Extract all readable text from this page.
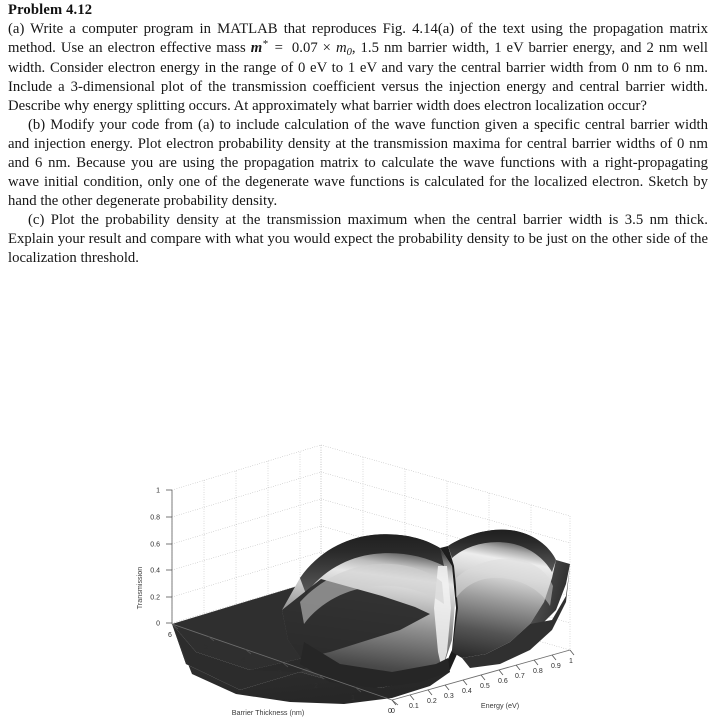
Problem 4.12

(a) Write a computer program in MATLAB that reproduces Fig. 4.14(a) of the text using the propagation matrix method. Use an electron effective mass $m^* = 0.07 \times m_0$, 1.5 nm barrier width, 1 eV barrier energy, and 2 nm well width. Consider electron energy in the range of 0 eV to 1 eV and vary the central barrier width from 0 nm to 6 nm. Include a 3-dimensional plot of the transmission coefficient versus the injection energy and central barrier width. Describe why energy splitting occurs. At approximately what barrier width does electron localization occur?

(b) Modify your code from (a) to include calculation of the wave function given a specific central barrier width and injection energy. Plot electron probability density at the transmission maxima for central barrier widths of 0 nm and 6 nm. Because you are using the propagation matrix to calculate the wave functions with a right-propagating wave initial condition, only one of the degenerate wave functions is calculated for the localized electron. Sketch by hand the other degenerate probability density.

(c) Plot the probability density at the transmission maximum when the central barrier width is 3.5 nm thick. Explain your result and compare with what you would expect the probability density to be just on the other side of the localization threshold.

1
0.8
0.6
0.4
0.2
0
Transmission
6
5
4
3
2
1
0
Barrier Thickness (nm)	0
0.1
0.2
0.3
0.4
0.5
0.6
0.7
0.8
0.9
1
Energy (eV)
